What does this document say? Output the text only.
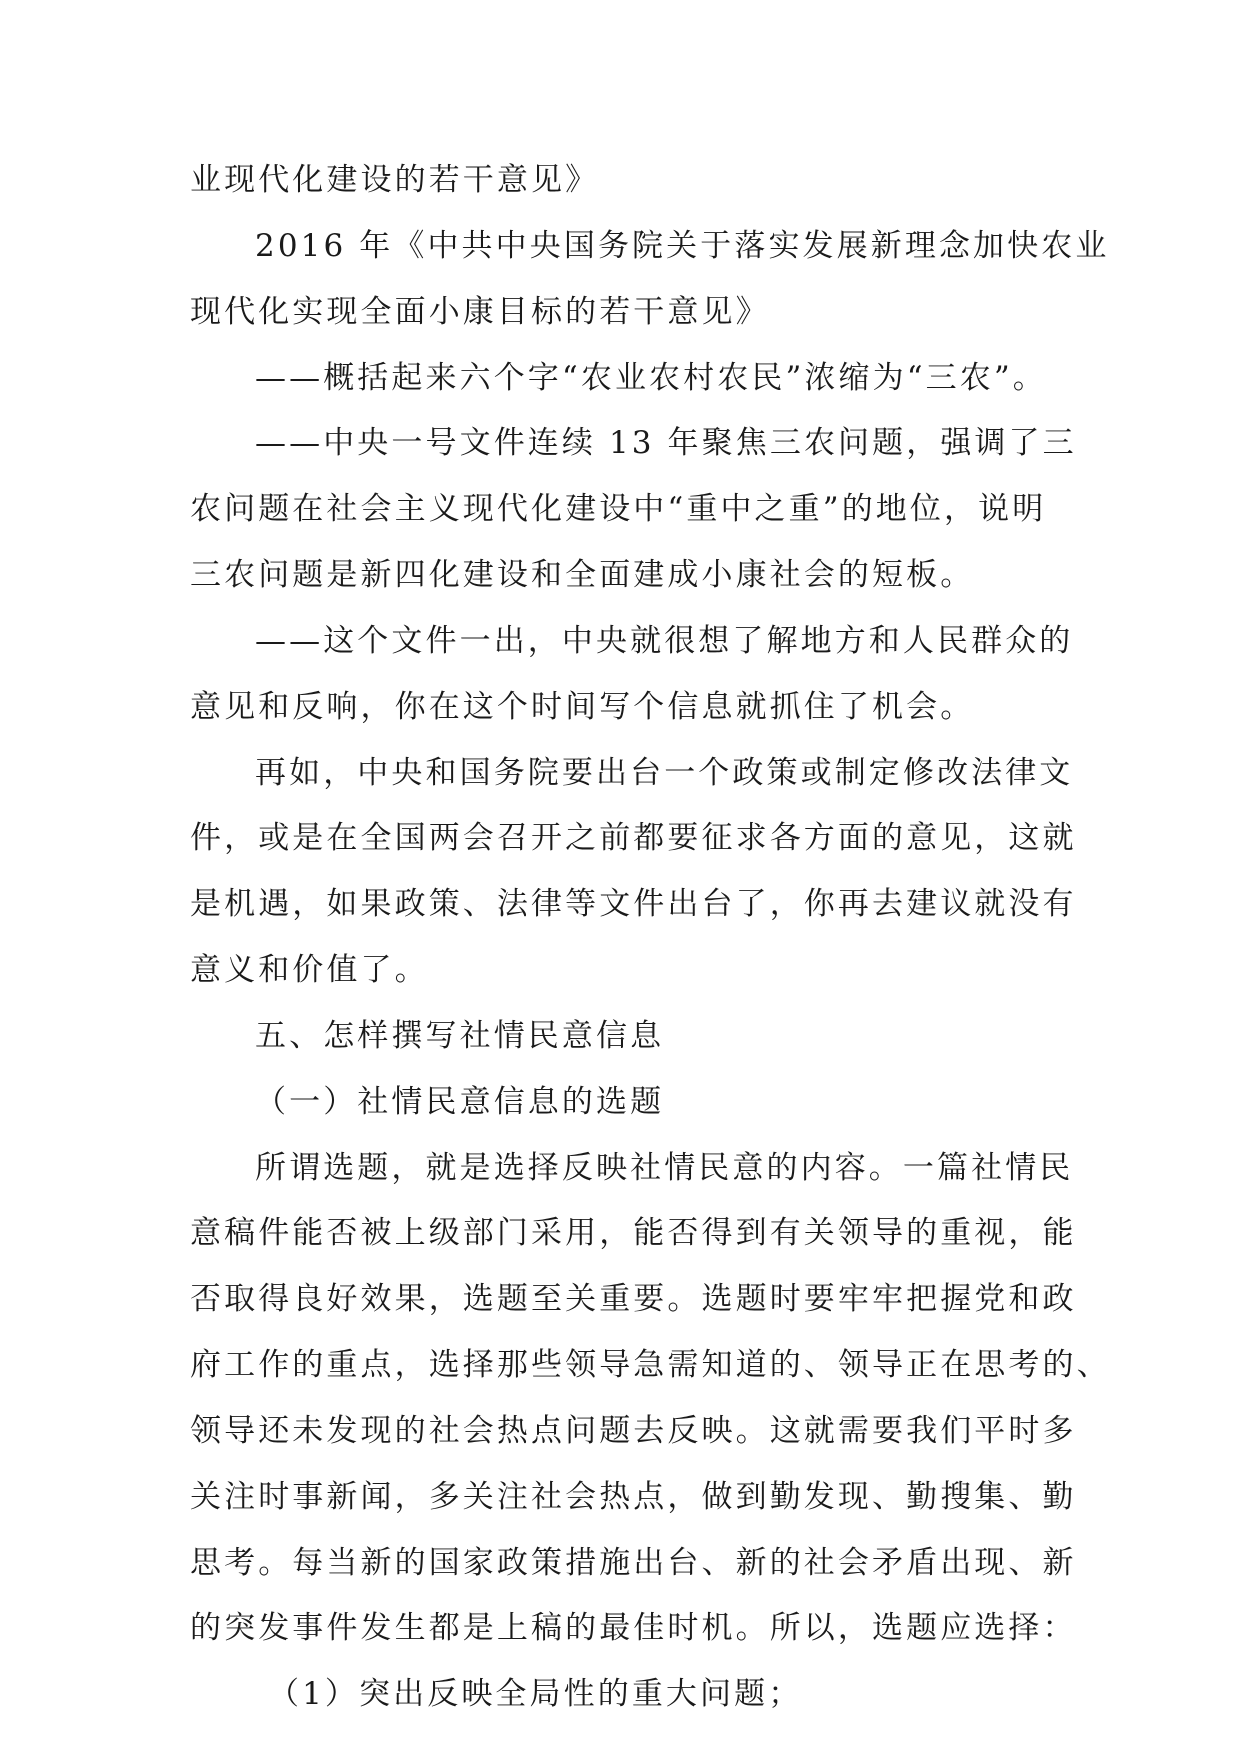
业现代化建设的若干意见》
2016 年《中共中央国务院关于落实发展新理念加快农业
现代化实现全面小康目标的若干意见》
——概括起来六个字“农业农村农民”浓缩为“三农”。
——中央一号文件连续 13 年聚焦三农问题，强调了三
农问题在社会主义现代化建设中“重中之重”的地位，说明
三农问题是新四化建设和全面建成小康社会的短板。
——这个文件一出，中央就很想了解地方和人民群众的
意见和反响，你在这个时间写个信息就抓住了机会。
再如，中央和国务院要出台一个政策或制定修改法律文
件，或是在全国两会召开之前都要征求各方面的意见，这就
是机遇，如果政策、法律等文件出台了，你再去建议就没有
意义和价值了。
五、怎样撰写社情民意信息
（一）社情民意信息的选题
所谓选题，就是选择反映社情民意的内容。一篇社情民
意稿件能否被上级部门采用，能否得到有关领导的重视，能
否取得良好效果，选题至关重要。选题时要牢牢把握党和政
府工作的重点，选择那些领导急需知道的、领导正在思考的、
领导还未发现的社会热点问题去反映。这就需要我们平时多
关注时事新闻，多关注社会热点，做到勤发现、勤搜集、勤
思考。每当新的国家政策措施出台、新的社会矛盾出现、新
的突发事件发生都是上稿的最佳时机。所以，选题应选择：
（1）突出反映全局性的重大问题；
